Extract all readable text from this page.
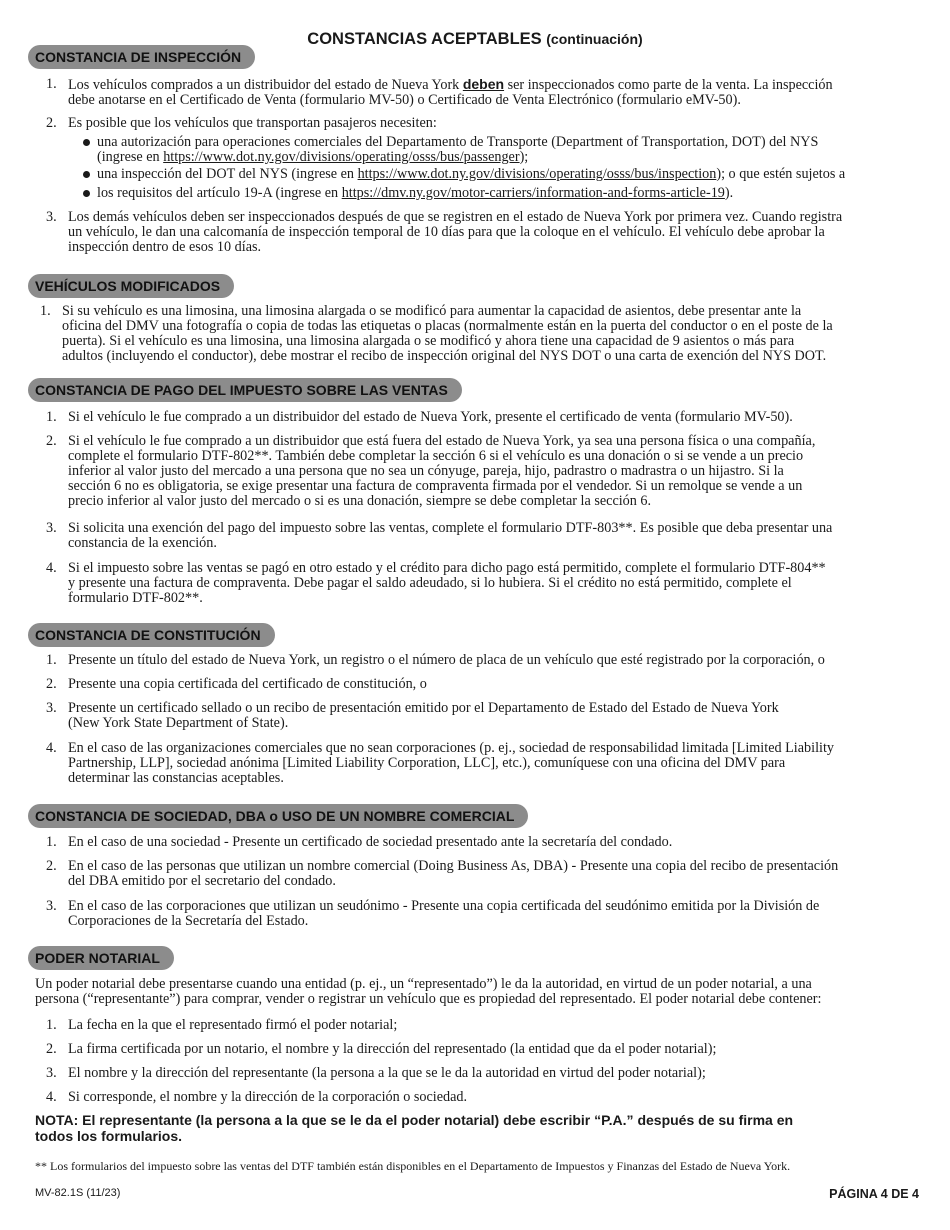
CONSTANCIAS ACEPTABLES (continuación)
CONSTANCIA DE INSPECCIÓN
1. Los vehículos comprados a un distribuidor del estado de Nueva York deben ser inspeccionados como parte de la venta. La inspección
debe anotarse en el Certificado de Venta (formulario MV-50) o Certificado de Venta Electrónico (formulario eMV-50).
2. Es posible que los vehículos que transportan pasajeros necesiten:
una autorización para operaciones comerciales del Departamento de Transporte (Department of Transportation, DOT) del NYS
(ingrese en https://www.dot.ny.gov/divisions/operating/osss/bus/passenger);
una inspección del DOT del NYS (ingrese en https://www.dot.ny.gov/divisions/operating/osss/bus/inspection); o que estén sujetos a
los requisitos del artículo 19-A (ingrese en https://dmv.ny.gov/motor-carriers/information-and-forms-article-19).
3. Los demás vehículos deben ser inspeccionados después de que se registren en el estado de Nueva York por primera vez. Cuando registra
un vehículo, le dan una calcomanía de inspección temporal de 10 días para que la coloque en el vehículo. El vehículo debe aprobar la
inspección dentro de esos 10 días.
VEHÍCULOS MODIFICADOS
1. Si su vehículo es una limosina, una limosina alargada o se modificó para aumentar la capacidad de asientos, debe presentar ante la
oficina del DMV una fotografía o copia de todas las etiquetas o placas (normalmente están en la puerta del conductor o en el poste de la
puerta). Si el vehículo es una limosina, una limosina alargada o se modificó y ahora tiene una capacidad de 9 asientos o más para
adultos (incluyendo el conductor), debe mostrar el recibo de inspección original del NYS DOT o una carta de exención del NYS DOT.
CONSTANCIA DE PAGO DEL IMPUESTO SOBRE LAS VENTAS
1. Si el vehículo le fue comprado a un distribuidor del estado de Nueva York, presente el certificado de venta (formulario MV-50).
2. Si el vehículo le fue comprado a un distribuidor que está fuera del estado de Nueva York, ya sea una persona física o una compañía,
complete el formulario DTF-802**. También debe completar la sección 6 si el vehículo es una donación o si se vende a un precio
inferior al valor justo del mercado a una persona que no sea un cónyuge, pareja, hijo, padrastro o madrastra o un hijastro. Si la
sección 6 no es obligatoria, se exige presentar una factura de compraventa firmada por el vendedor. Si un remolque se vende a un
precio inferior al valor justo del mercado o si es una donación, siempre se debe completar la sección 6.
3. Si solicita una exención del pago del impuesto sobre las ventas, complete el formulario DTF-803**. Es posible que deba presentar una
constancia de la exención.
4. Si el impuesto sobre las ventas se pagó en otro estado y el crédito para dicho pago está permitido, complete el formulario DTF-804**
y presente una factura de compraventa. Debe pagar el saldo adeudado, si lo hubiera. Si el crédito no está permitido, complete el
formulario DTF-802**.
CONSTANCIA DE CONSTITUCIÓN
1. Presente un título del estado de Nueva York, un registro o el número de placa de un vehículo que esté registrado por la corporación, o
2. Presente una copia certificada del certificado de constitución, o
3. Presente un certificado sellado o un recibo de presentación emitido por el Departamento de Estado del Estado de Nueva York
(New York State Department of State).
4. En el caso de las organizaciones comerciales que no sean corporaciones (p. ej., sociedad de responsabilidad limitada [Limited Liability
Partnership, LLP], sociedad anónima [Limited Liability Corporation, LLC], etc.), comuníquese con una oficina del DMV para
determinar las constancias aceptables.
CONSTANCIA DE SOCIEDAD, DBA o USO DE UN NOMBRE COMERCIAL
1. En el caso de una sociedad - Presente un certificado de sociedad presentado ante la secretaría del condado.
2. En el caso de las personas que utilizan un nombre comercial (Doing Business As, DBA) - Presente una copia del recibo de presentación
del DBA emitido por el secretario del condado.
3. En el caso de las corporaciones que utilizan un seudónimo - Presente una copia certificada del seudónimo emitida por la División de
Corporaciones de la Secretaría del Estado.
PODER NOTARIAL
Un poder notarial debe presentarse cuando una entidad (p. ej., un “representado”) le da la autoridad, en virtud de un poder notarial, a una
persona (“representante”) para comprar, vender o registrar un vehículo que es propiedad del representado. El poder notarial debe contener:
1. La fecha en la que el representado firmó el poder notarial;
2. La firma certificada por un notario, el nombre y la dirección del representado (la entidad que da el poder notarial);
3. El nombre y la dirección del representante (la persona a la que se le da la autoridad en virtud del poder notarial);
4. Si corresponde, el nombre y la dirección de la corporación o sociedad.
NOTA: El representante (la persona a la que se le da el poder notarial) debe escribir “P.A.” después de su firma en
todos los formularios.
** Los formularios del impuesto sobre las ventas del DTF también están disponibles en el Departamento de Impuestos y Finanzas del Estado de Nueva York.
MV-82.1S (11/23)	PÁGINA 4 DE 4
